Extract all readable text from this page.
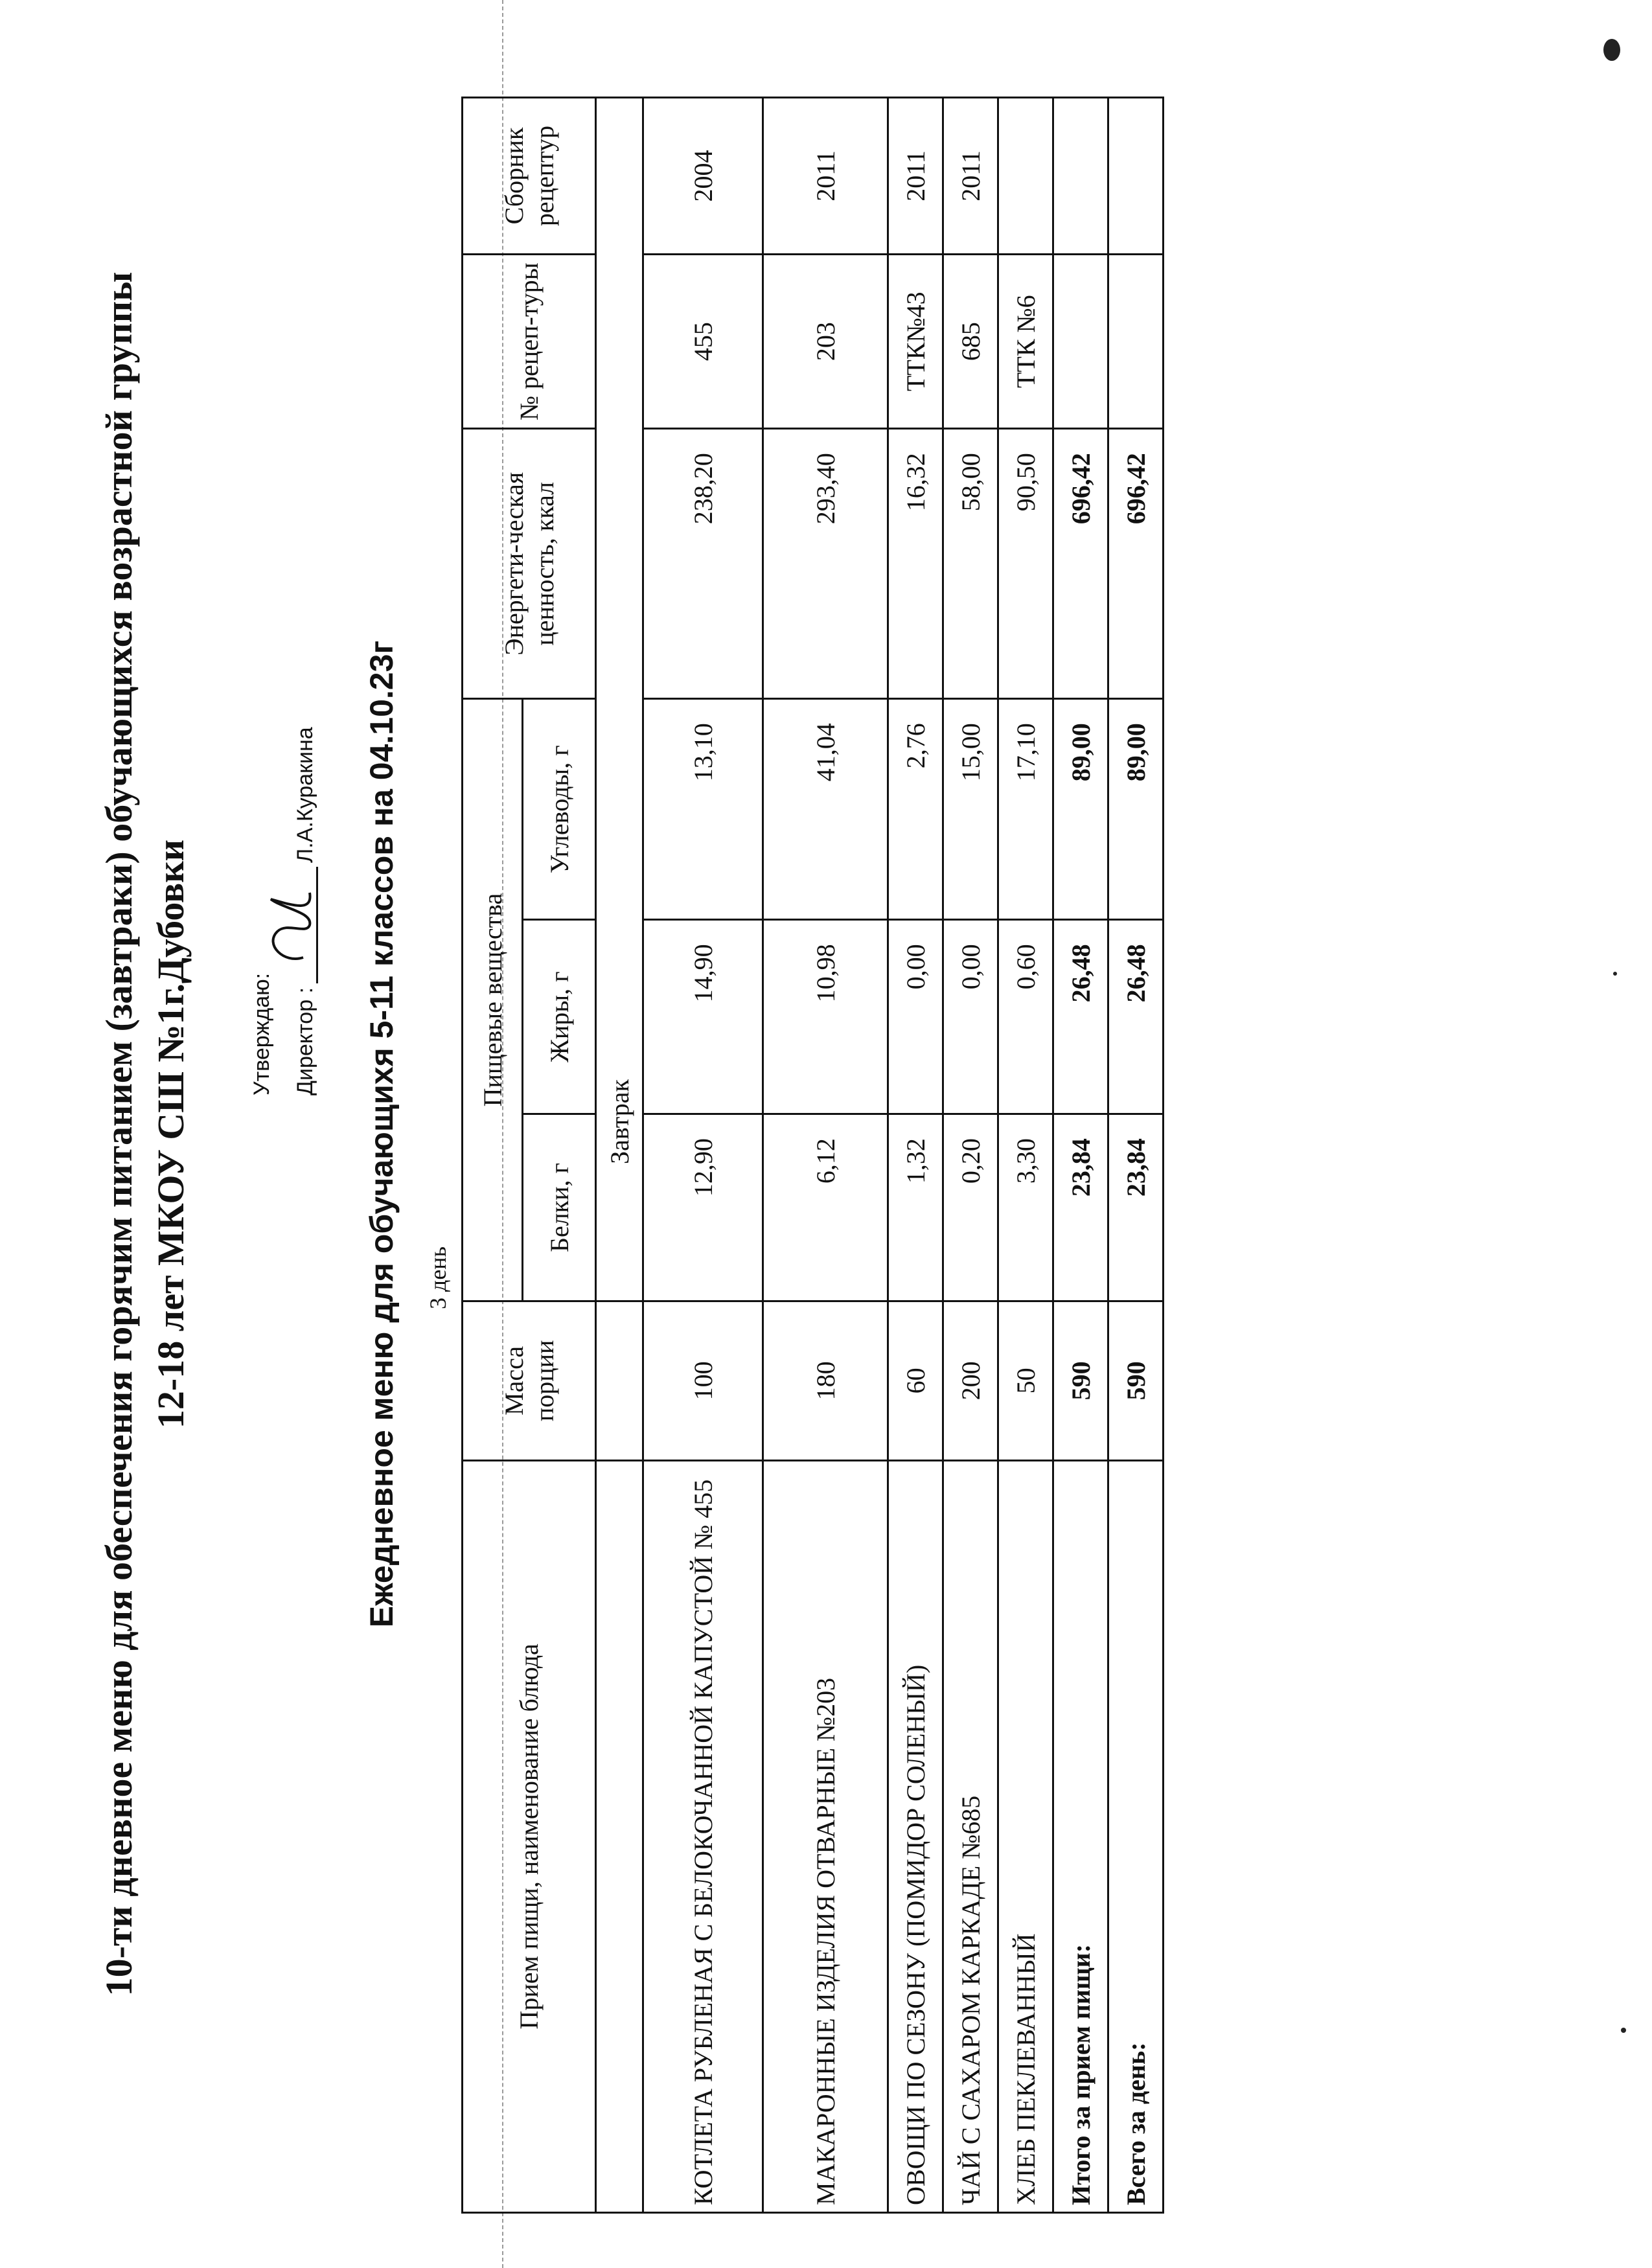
10-ти дневное меню для обеспечения горячим питанием (завтраки) обучающихся возрастной группы 12-18 лет МКОУ СШ №1г.Дубовки	Утверждаю: Директор :
Л.А.Куракина Ежедневное меню для обучающихя 5-11 классов на 04.10.23г 3 день
Прием пищи, наименование блюда	Масса порции	Пищевые вещества			Энергети-ческая ценность, ккал	№ рецеп-туры	Сборник рецептур
		Белки, г	Жиры, г	Углеводы, г			
		Завтрак					
КОТЛЕТА РУБЛЕНАЯ С БЕЛОКОЧАННОЙ КАПУСТОЙ № 455	100	12,90	14,90	13,10	238,20	455	2004
МАКАРОННЫЕ ИЗДЕЛИЯ ОТВАРНЫЕ №203	180	6,12	10,98	41,04	293,40	203	2011
ОВОЩИ ПО СЕЗОНУ (ПОМИДОР СОЛЕНЫЙ)	60	1,32	0,00	2,76	16,32	ТТК№43	2011
ЧАЙ С САХАРОМ КАРКАДЕ №685	200	0,20	0,00	15,00	58,00	685	2011
ХЛЕБ ПЕКЛЕВАННЫЙ	50	3,30	0,60	17,10	90,50	ТТК №6	
Итого за прием пищи:	590	23,84	26,48	89,00	696,42		
Всего за день:	590	23,84	26,48	89,00	696,42		
